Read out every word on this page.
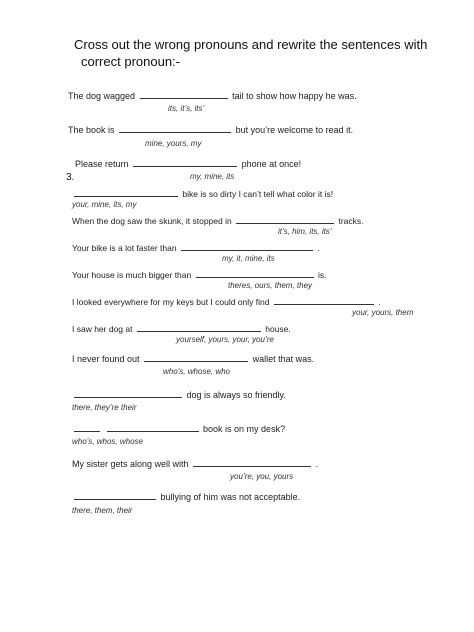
Cross out the wrong pronouns and rewrite the sentences with
correct pronoun:-
The dog wagged	tail to show how happy he was.
its, it’s, its’
The book is	but you’re welcome to read it.
mine, yours, my
Please return	phone at once!
3.	my, mine, its
bike is so dirty I can’t tell what color it is!
your, mine, its, my
When the dog saw the skunk, it stopped in	tracks.
it’s, him, its, its’
Your bike is a lot faster than	.
my, it, mine, its
Your house is much bigger than	is.
theres, ours, them, they
I looked everywhere for my keys but I could only find	.
your, yours, them
I saw her dog at	house.
yourself, yours, your, you’re
I never found out	wallet that was.
who’s, whose, who
dog is always so friendly.
there, they’re their
book is on my desk?
who’s, whos, whose
My sister gets along well with	.
you’re, you, yours
bullying of him was not acceptable.
there, them, their
